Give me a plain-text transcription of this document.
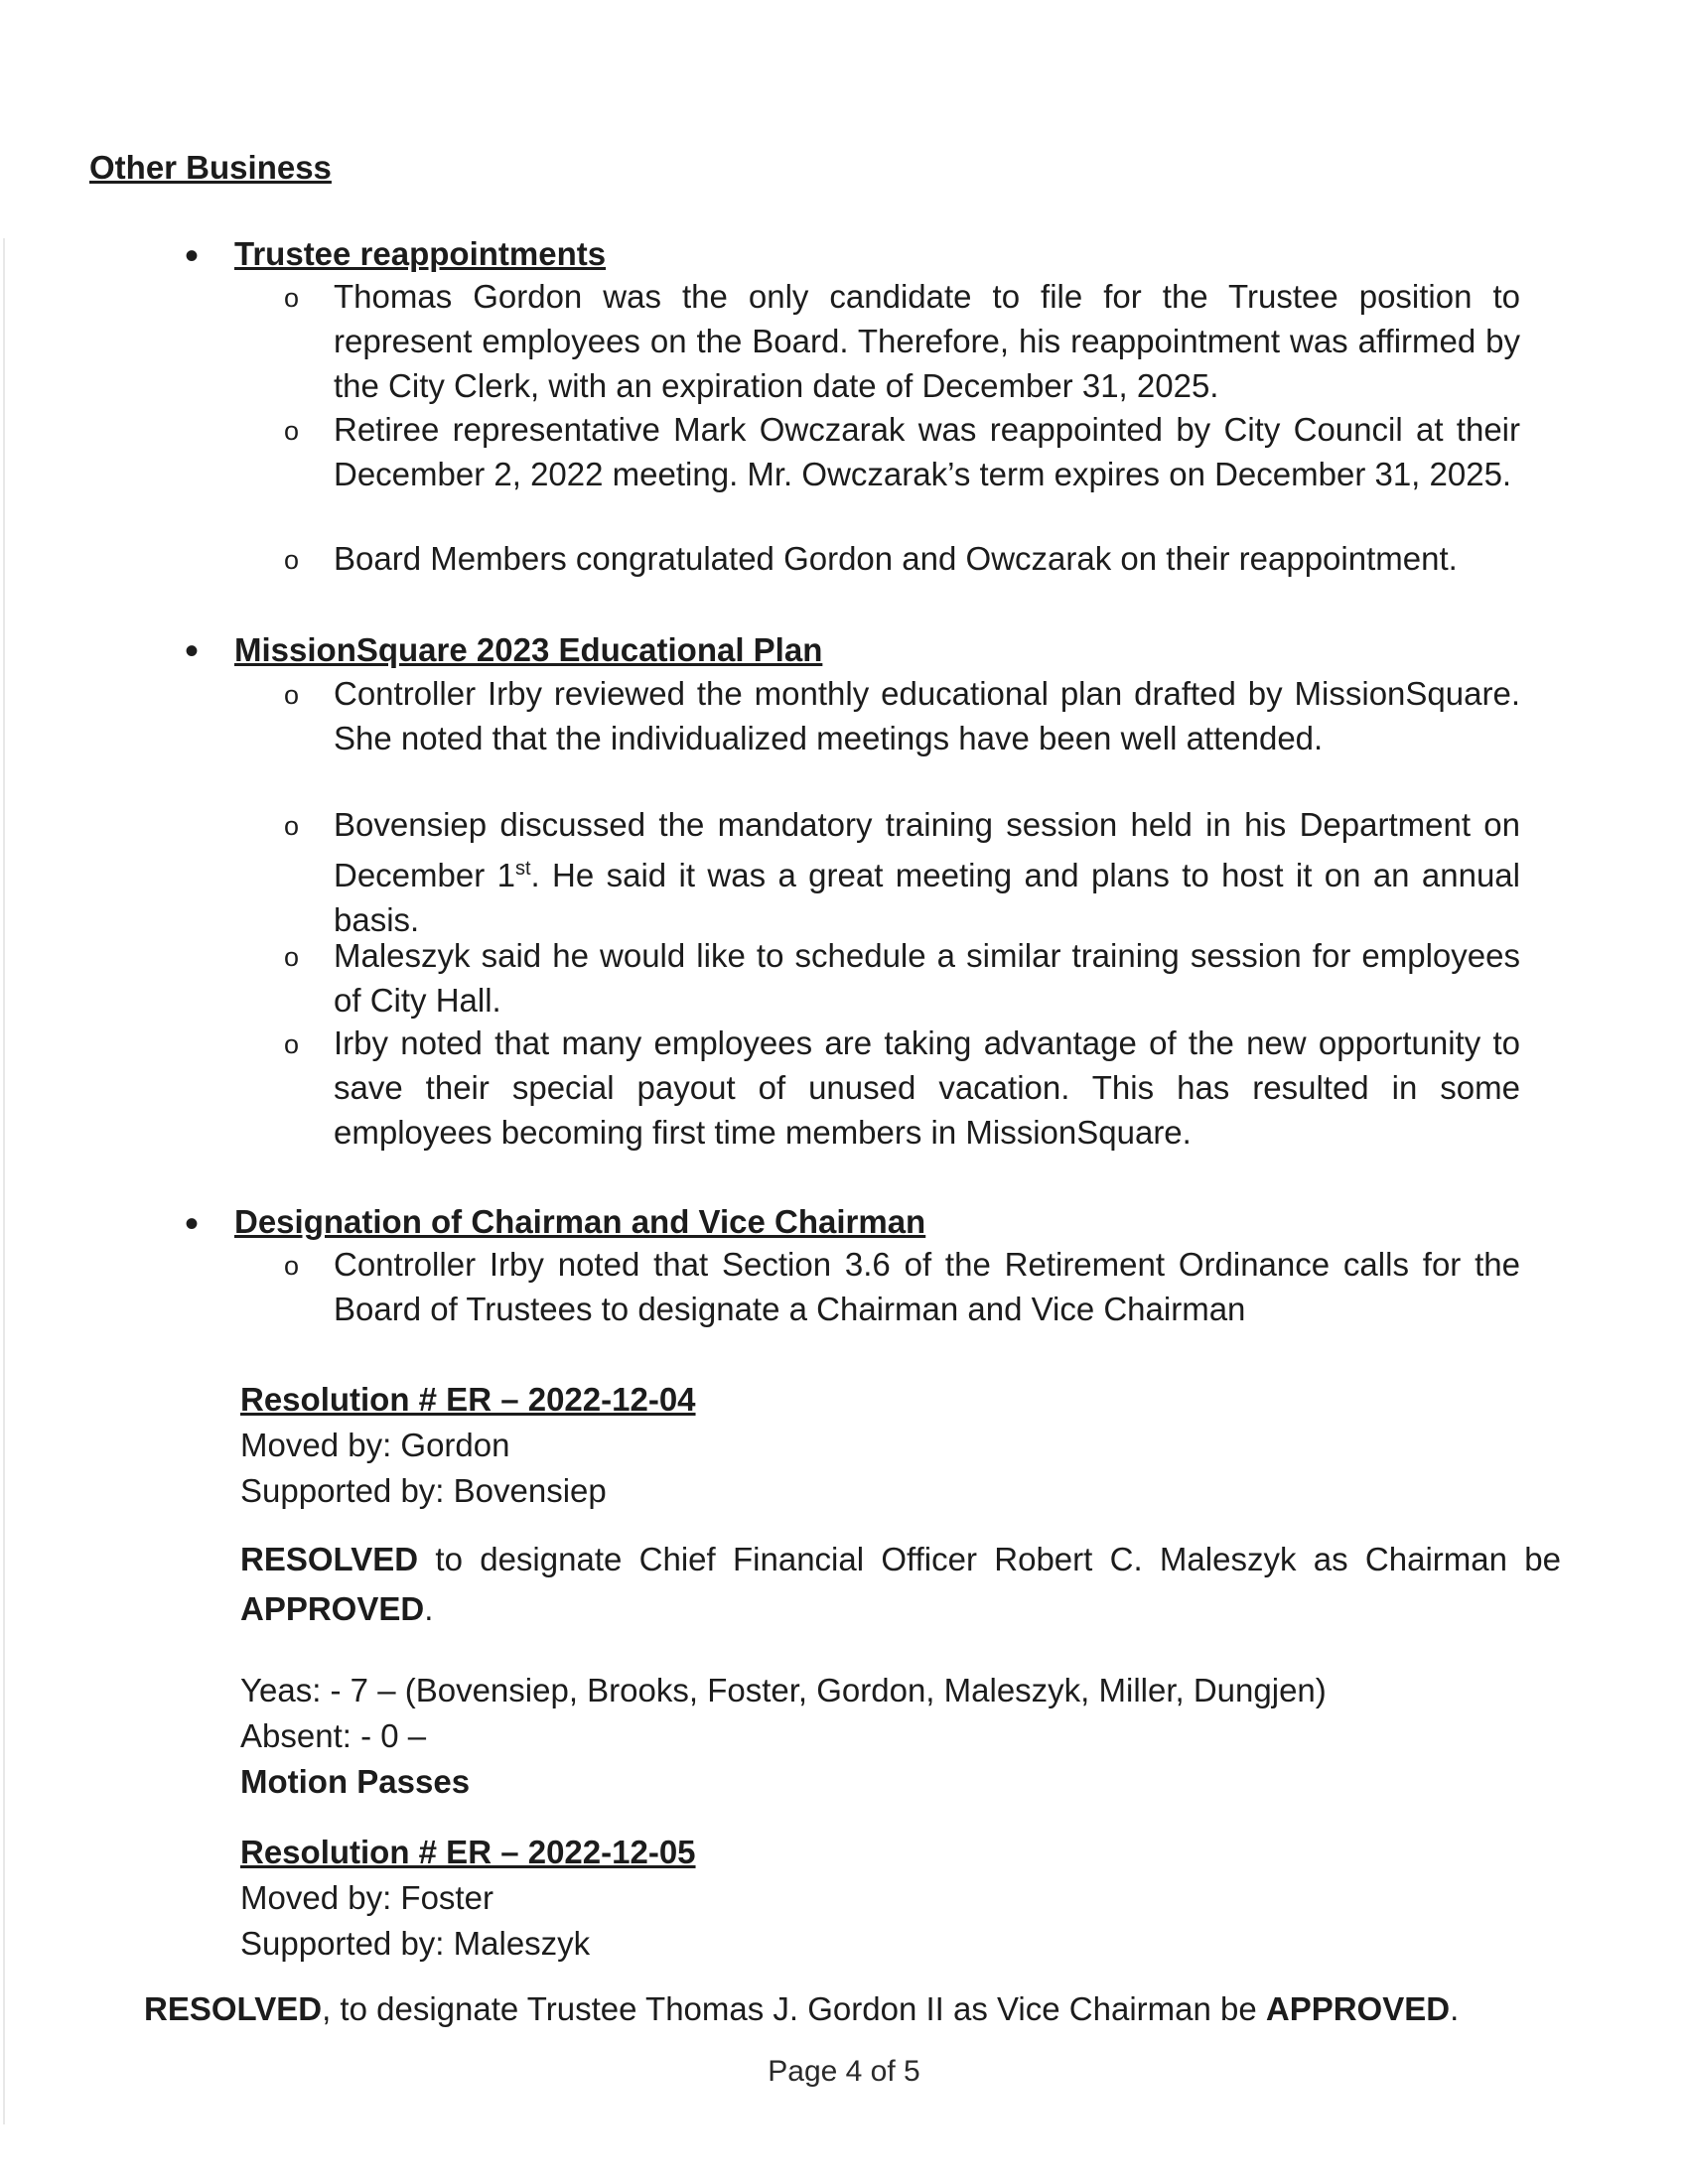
Other Business
• Trustee reappointments
o Thomas Gordon was the only candidate to file for the Trustee position to represent employees on the Board. Therefore, his reappointment was affirmed by the City Clerk, with an expiration date of December 31, 2025.
o Retiree representative Mark Owczarak was reappointed by City Council at their December 2, 2022 meeting. Mr. Owczarak’s term expires on December 31, 2025.
o Board Members congratulated Gordon and Owczarak on their reappointment.
• MissionSquare 2023 Educational Plan
o Controller Irby reviewed the monthly educational plan drafted by MissionSquare. She noted that the individualized meetings have been well attended.
o Bovensiep discussed the mandatory training session held in his Department on December 1st. He said it was a great meeting and plans to host it on an annual basis.
o Maleszyk said he would like to schedule a similar training session for employees of City Hall.
o Irby noted that many employees are taking advantage of the new opportunity to save their special payout of unused vacation. This has resulted in some employees becoming first time members in MissionSquare.
• Designation of Chairman and Vice Chairman
o Controller Irby noted that Section 3.6 of the Retirement Ordinance calls for the Board of Trustees to designate a Chairman and Vice Chairman
Resolution # ER – 2022-12-04
Moved by: Gordon
Supported by: Bovensiep
RESOLVED to designate Chief Financial Officer Robert C. Maleszyk as Chairman be APPROVED.
Yeas: - 7 – (Bovensiep, Brooks, Foster, Gordon, Maleszyk, Miller, Dungjen)
Absent: - 0 –
Motion Passes
Resolution # ER – 2022-12-05
Moved by: Foster
Supported by: Maleszyk
RESOLVED, to designate Trustee Thomas J. Gordon II as Vice Chairman be APPROVED.
Page 4 of 5
